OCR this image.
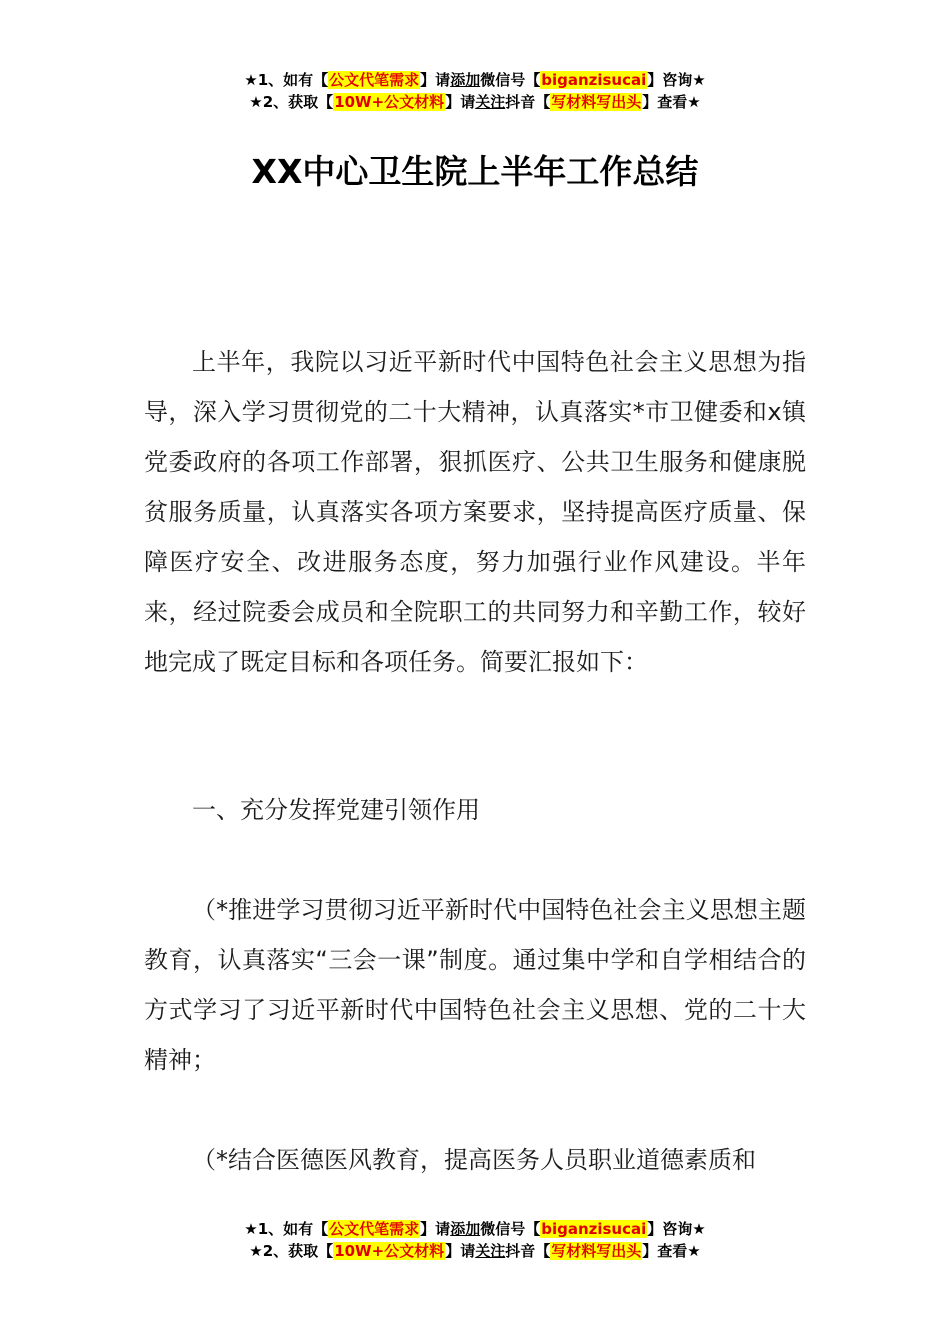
★1、如有【公文代笔需求】请添加微信号【biganzisucai】咨询★
★2、获取【10W+公文材料】请关注抖音【写材料写出头】查看★
XX中心卫生院上半年工作总结
上半年，我院以习近平新时代中国特色社会主义思想为指导，深入学习贯彻党的二十大精神，认真落实*市卫健委和x镇党委政府的各项工作部署，狠抓医疗、公共卫生服务和健康脱贫服务质量，认真落实各项方案要求，坚持提高医疗质量、保障医疗安全、改进服务态度，努力加强行业作风建设。半年来，经过院委会成员和全院职工的共同努力和辛勤工作，较好地完成了既定目标和各项任务。简要汇报如下：
一、充分发挥党建引领作用
（*推进学习贯彻习近平新时代中国特色社会主义思想主题教育，认真落实“三会一课”制度。通过集中学和自学相结合的方式学习了习近平新时代中国特色社会主义思想、党的二十大精神；
（*结合医德医风教育，提高医务人员职业道德素质和
★1、如有【公文代笔需求】请添加微信号【biganzisucai】咨询★
★2、获取【10W+公文材料】请关注抖音【写材料写出头】查看★
